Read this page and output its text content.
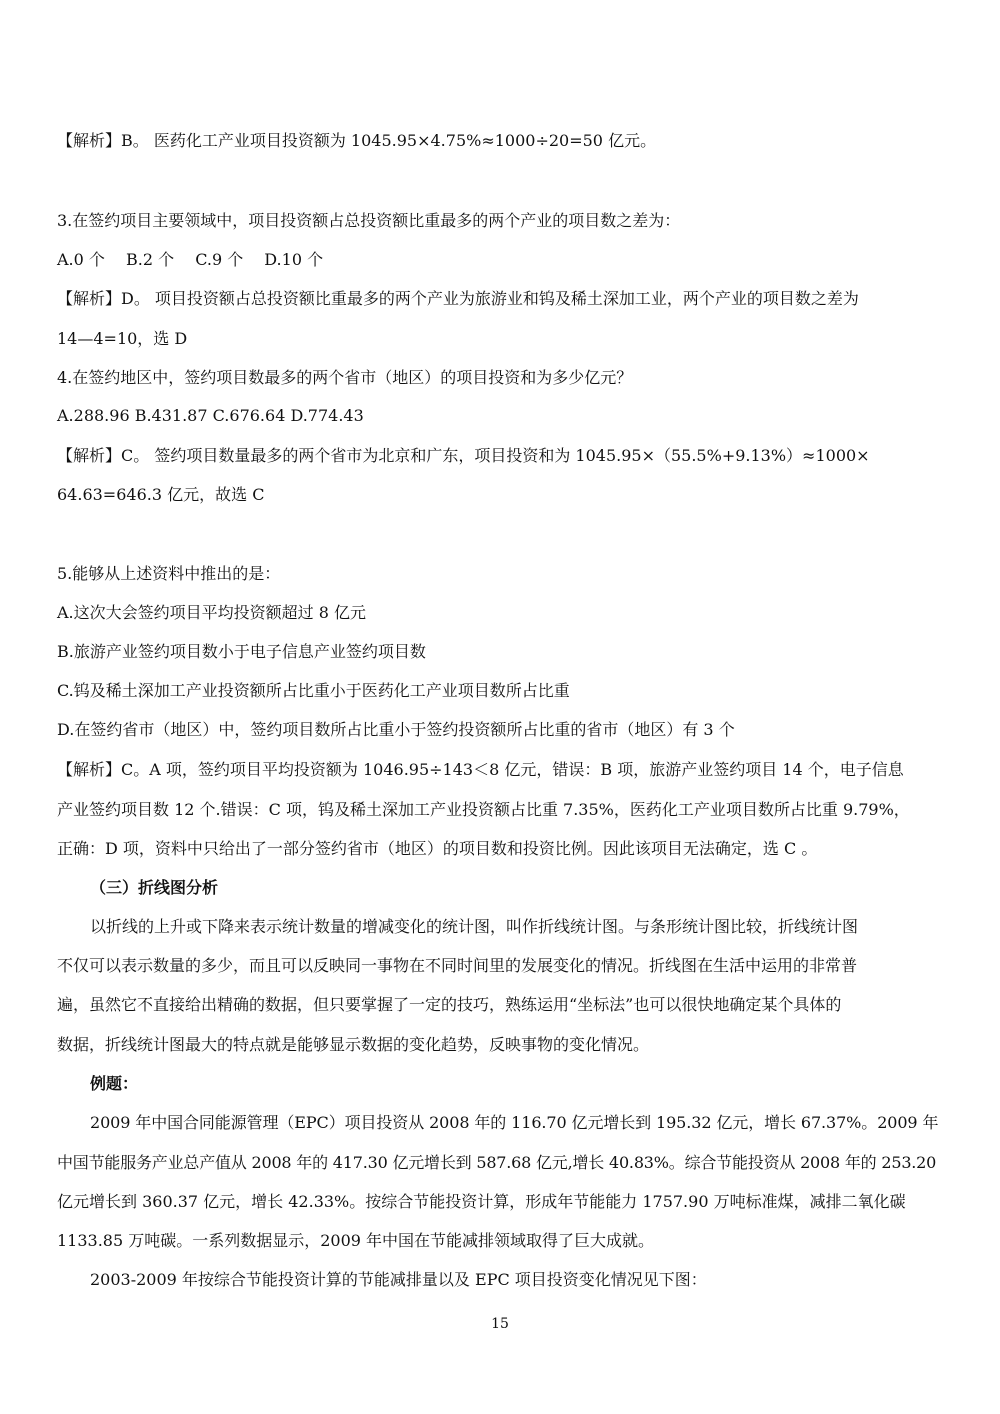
【解析】B。 医药化工产业项目投资额为 1045.95×4.75%≈1000÷20=50 亿元。
3.在签约项目主要领域中，项目投资额占总投资额比重最多的两个产业的项目数之差为：
A.0 个　 B.2 个　 C.9 个　 D.10 个
【解析】D。 项目投资额占总投资额比重最多的两个产业为旅游业和钨及稀土深加工业，两个产业的项目数之差为
14—4=10，选 D
4.在签约地区中，签约项目数最多的两个省市（地区）的项目投资和为多少亿元？
A.288.96 B.431.87 C.676.64 D.774.43
【解析】C。 签约项目数量最多的两个省市为北京和广东，项目投资和为 1045.95×（55.5%+9.13%）≈1000×
64.63=646.3 亿元，故选 C
5.能够从上述资料中推出的是：
A.这次大会签约项目平均投资额超过 8 亿元
B.旅游产业签约项目数小于电子信息产业签约项目数
C.钨及稀土深加工产业投资额所占比重小于医药化工产业项目数所占比重
D.在签约省市（地区）中，签约项目数所占比重小于签约投资额所占比重的省市（地区）有 3 个
【解析】C。A 项，签约项目平均投资额为 1046.95÷143＜8 亿元，错误：B 项，旅游产业签约项目 14 个，电子信息
产业签约项目数 12 个.错误：C 项，钨及稀土深加工产业投资额占比重 7.35%，医药化工产业项目数所占比重 9.79%，
正确：D 项，资料中只给出了一部分签约省市（地区）的项目数和投资比例。因此该项目无法确定，选 C 。
（三）折线图分析
以折线的上升或下降来表示统计数量的增减变化的统计图，叫作折线统计图。与条形统计图比较，折线统计图
不仅可以表示数量的多少，而且可以反映同一事物在不同时间里的发展变化的情况。折线图在生活中运用的非常普
遍，虽然它不直接给出精确的数据，但只要掌握了一定的技巧，熟练运用“坐标法”也可以很快地确定某个具体的
数据，折线统计图最大的特点就是能够显示数据的变化趋势，反映事物的变化情况。
例题：
2009 年中国合同能源管理（EPC）项目投资从 2008 年的 116.70 亿元增长到 195.32 亿元，增长 67.37%。2009 年
中国节能服务产业总产值从 2008 年的 417.30 亿元增长到 587.68 亿元,增长 40.83%。综合节能投资从 2008 年的 253.20
亿元增长到 360.37 亿元，增长 42.33%。按综合节能投资计算，形成年节能能力 1757.90 万吨标准煤，减排二氧化碳
1133.85 万吨碳。一系列数据显示，2009 年中国在节能减排领域取得了巨大成就。
2003-2009 年按综合节能投资计算的节能减排量以及 EPC 项目投资变化情况见下图：
15
